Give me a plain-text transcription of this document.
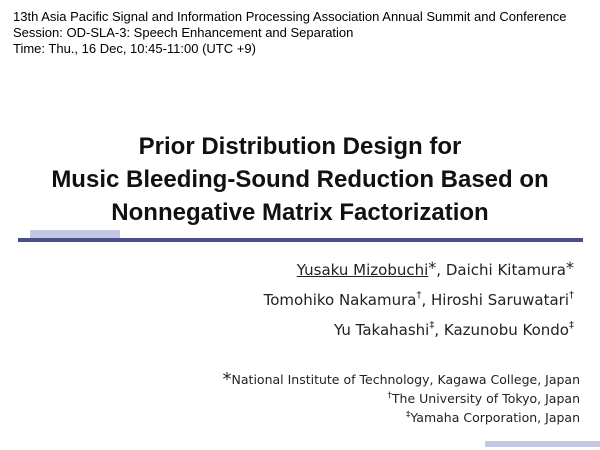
13th Asia Pacific Signal and Information Processing Association Annual Summit and Conference
Session: OD-SLA-3: Speech Enhancement and Separation
Time: Thu., 16 Dec, 10:45-11:00 (UTC +9)
Prior Distribution Design for
Music Bleeding-Sound Reduction Based on
Nonnegative Matrix Factorization
Yusaku Mizobuchi*, Daichi Kitamura*
Tomohiko Nakamura†, Hiroshi Saruwatari†
Yu Takahashi‡, Kazunobu Kondo‡
*National Institute of Technology, Kagawa College, Japan
†The University of Tokyo, Japan
‡Yamaha Corporation, Japan
